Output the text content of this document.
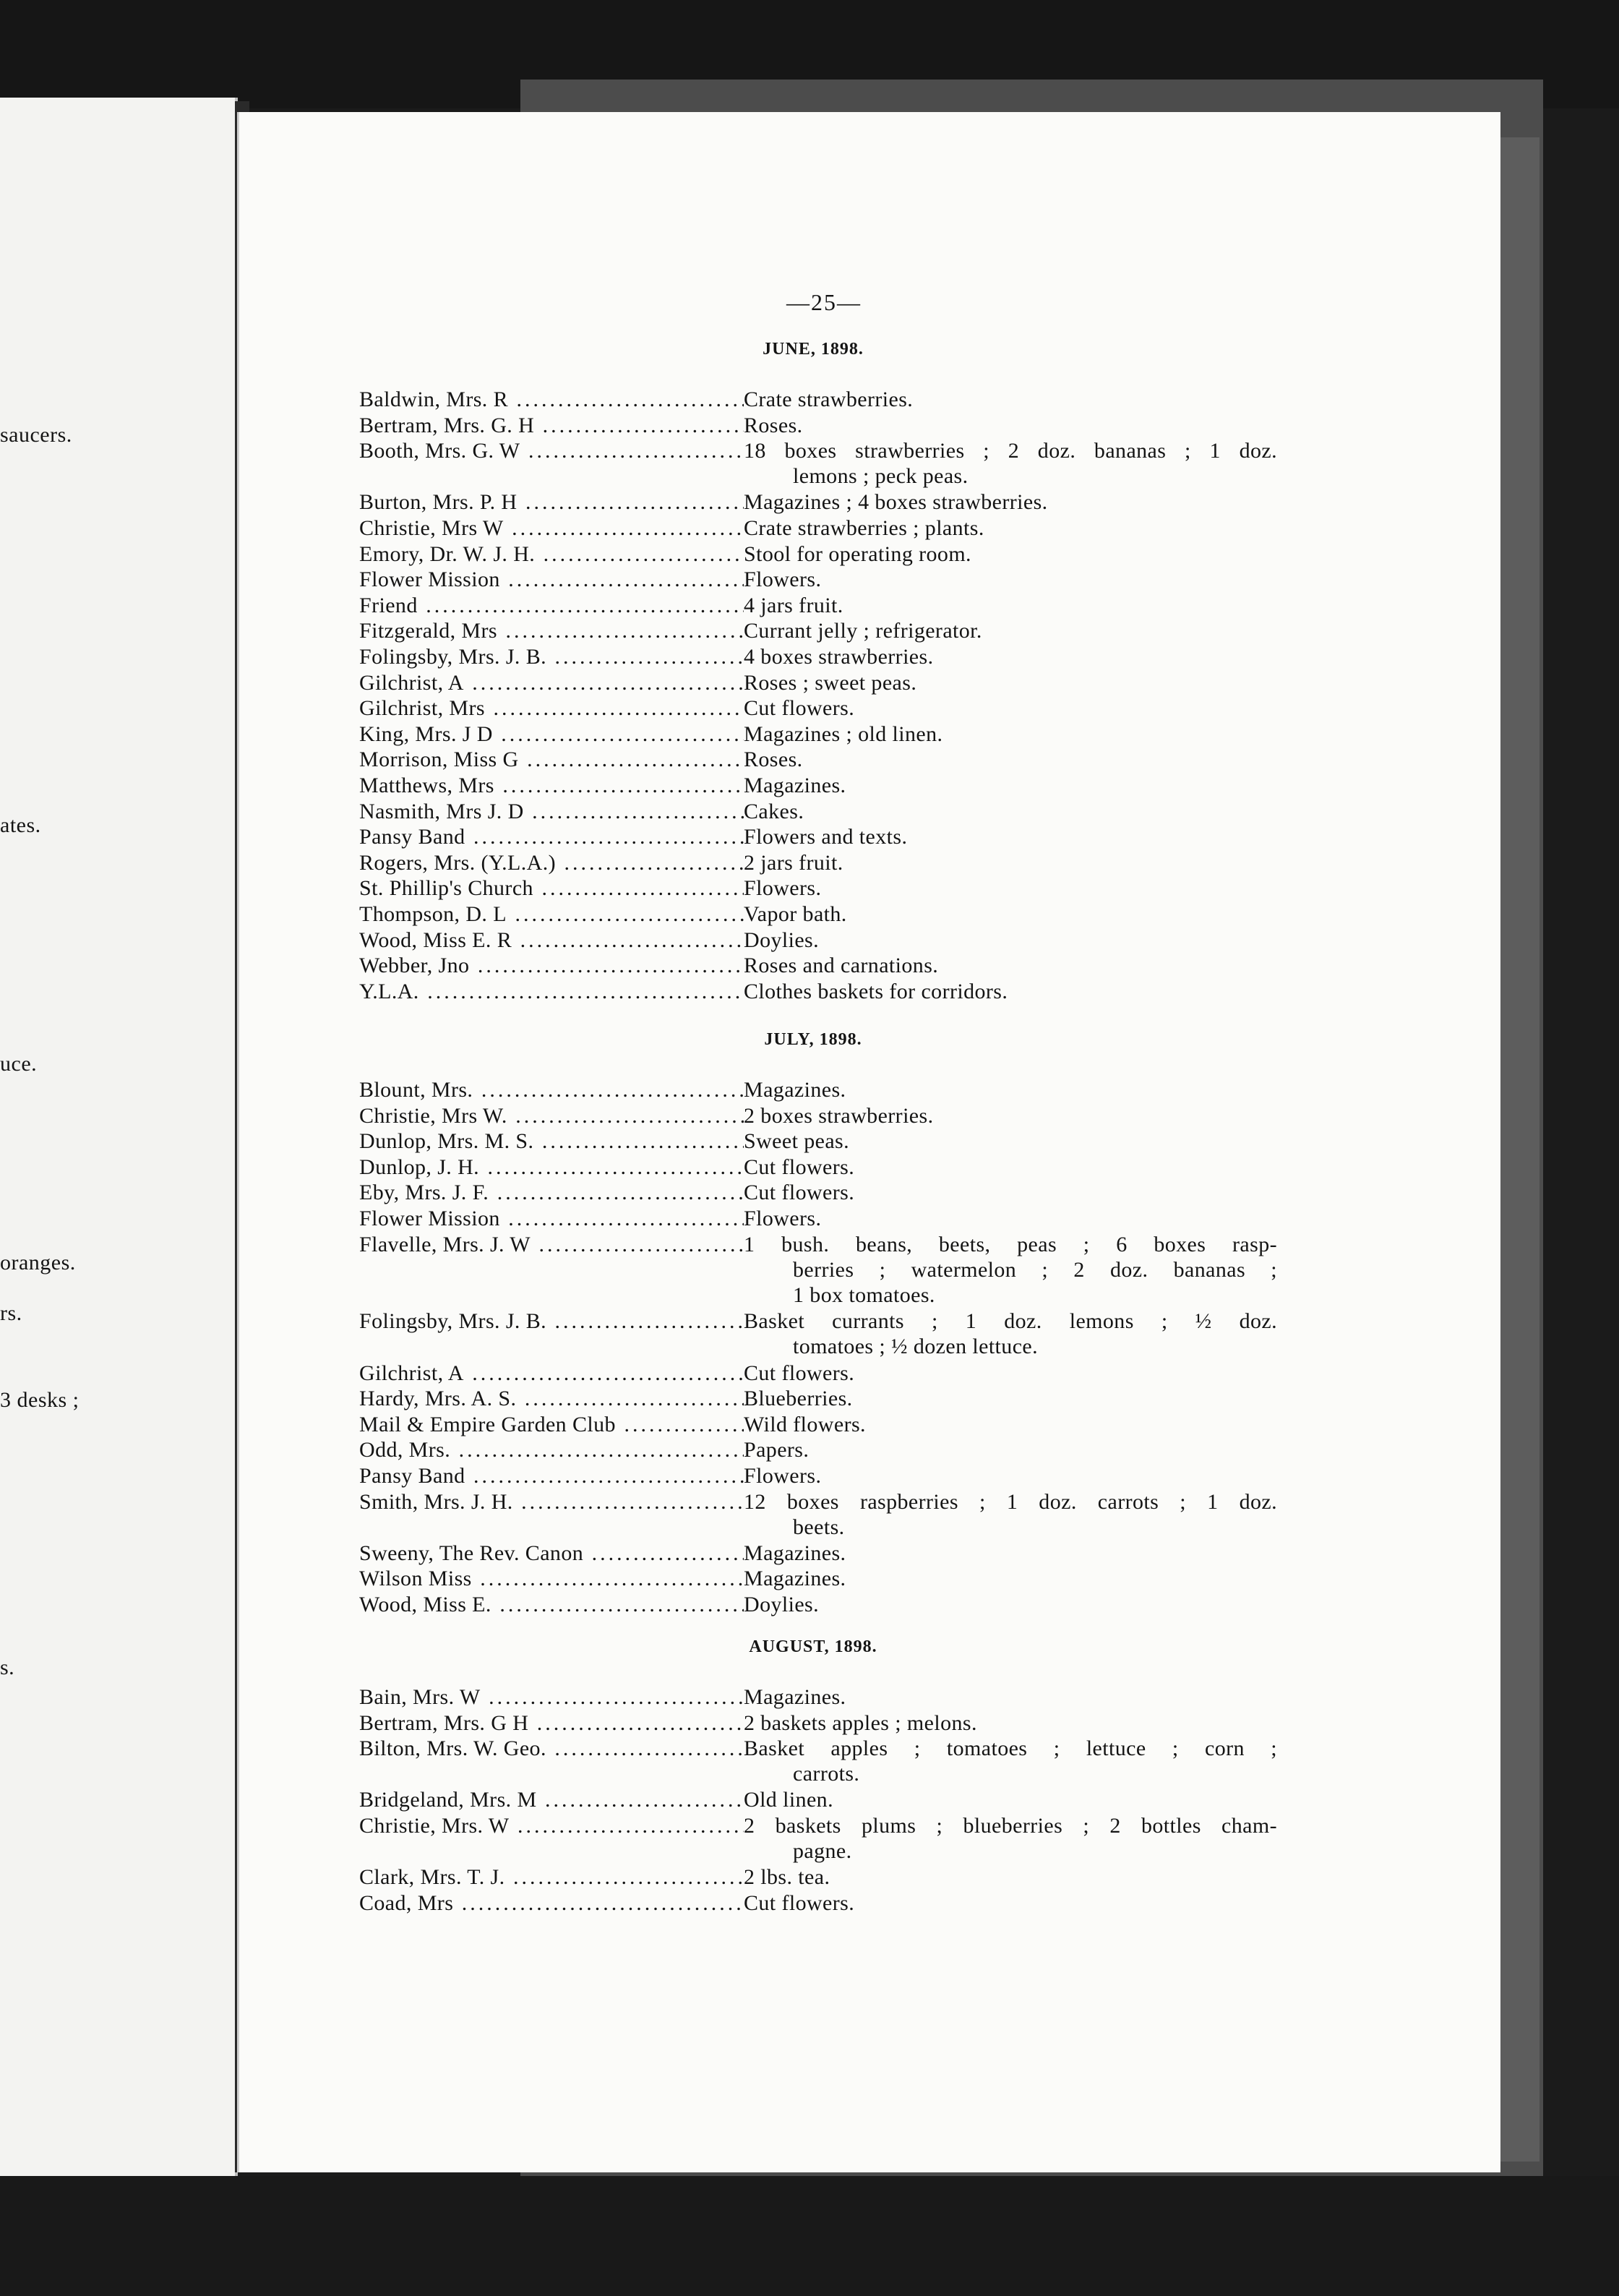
saucers.
ates.
uce.
oranges.
rs.
3 desks ;
s.
—25—
JUNE, 1898.
Baldwin, Mrs. R .....	Crate strawberries.
Bertram, Mrs. G. H .....	Roses.
Booth, Mrs. G. W .....	18 boxes strawberries ; 2 doz. bananas ; 1 doz.
lemons ; peck peas.
Burton, Mrs. P. H .....	Magazines ; 4 boxes strawberries.
Christie, Mrs W .....	Crate strawberries ; plants.
Emory, Dr. W. J. H. .....	Stool for operating room.
Flower Mission .....	Flowers.
Friend .....	4 jars fruit.
Fitzgerald, Mrs .....	Currant jelly ; refrigerator.
Folingsby, Mrs. J. B. .....	4 boxes strawberries.
Gilchrist, A .....	Roses ; sweet peas.
Gilchrist, Mrs .....	Cut flowers.
King, Mrs. J D .....	Magazines ; old linen.
Morrison, Miss G .....	Roses.
Matthews, Mrs .....	Magazines.
Nasmith, Mrs J. D .....	Cakes.
Pansy Band .....	Flowers and texts.
Rogers, Mrs. (Y.L.A.) .....	2 jars fruit.
St. Phillip's Church .....	Flowers.
Thompson, D. L .....	Vapor bath.
Wood, Miss E. R .....	Doylies.
Webber, Jno .....	Roses and carnations.
Y.L.A. .....	Clothes baskets for corridors.
JULY, 1898.
Blount, Mrs. .....	Magazines.
Christie, Mrs W. .....	2 boxes strawberries.
Dunlop, Mrs. M. S. .....	Sweet peas.
Dunlop, J. H. .....	Cut flowers.
Eby, Mrs. J. F. .....	Cut flowers.
Flower Mission .....	Flowers.
Flavelle, Mrs. J. W .....	1 bush. beans, beets, peas ; 6 boxes rasp-
berries ; watermelon ; 2 doz. bananas ;
1 box tomatoes.
Folingsby, Mrs. J. B. .....	Basket currants ; 1 doz. lemons ; ½ doz.
tomatoes ; ½ dozen lettuce.
Gilchrist, A .....	Cut flowers.
Hardy, Mrs. A. S. .....	Blueberries.
Mail & Empire Garden Club .....	Wild flowers.
Odd, Mrs. .....	Papers.
Pansy Band .....	Flowers.
Smith, Mrs. J. H. .....	12 boxes raspberries ; 1 doz. carrots ; 1 doz.
beets.
Sweeny, The Rev. Canon .....	Magazines.
Wilson Miss .....	Magazines.
Wood, Miss E. .....	Doylies.
AUGUST, 1898.
Bain, Mrs. W .....	Magazines.
Bertram, Mrs. G H .....	2 baskets apples ; melons.
Bilton, Mrs. W. Geo. .....	Basket apples ; tomatoes ; lettuce ; corn ;
carrots.
Bridgeland, Mrs. M .....	Old linen.
Christie, Mrs. W .....	2 baskets plums ; blueberries ; 2 bottles cham-
pagne.
Clark, Mrs. T. J. .....	2 lbs. tea.
Coad, Mrs .....	Cut flowers.
